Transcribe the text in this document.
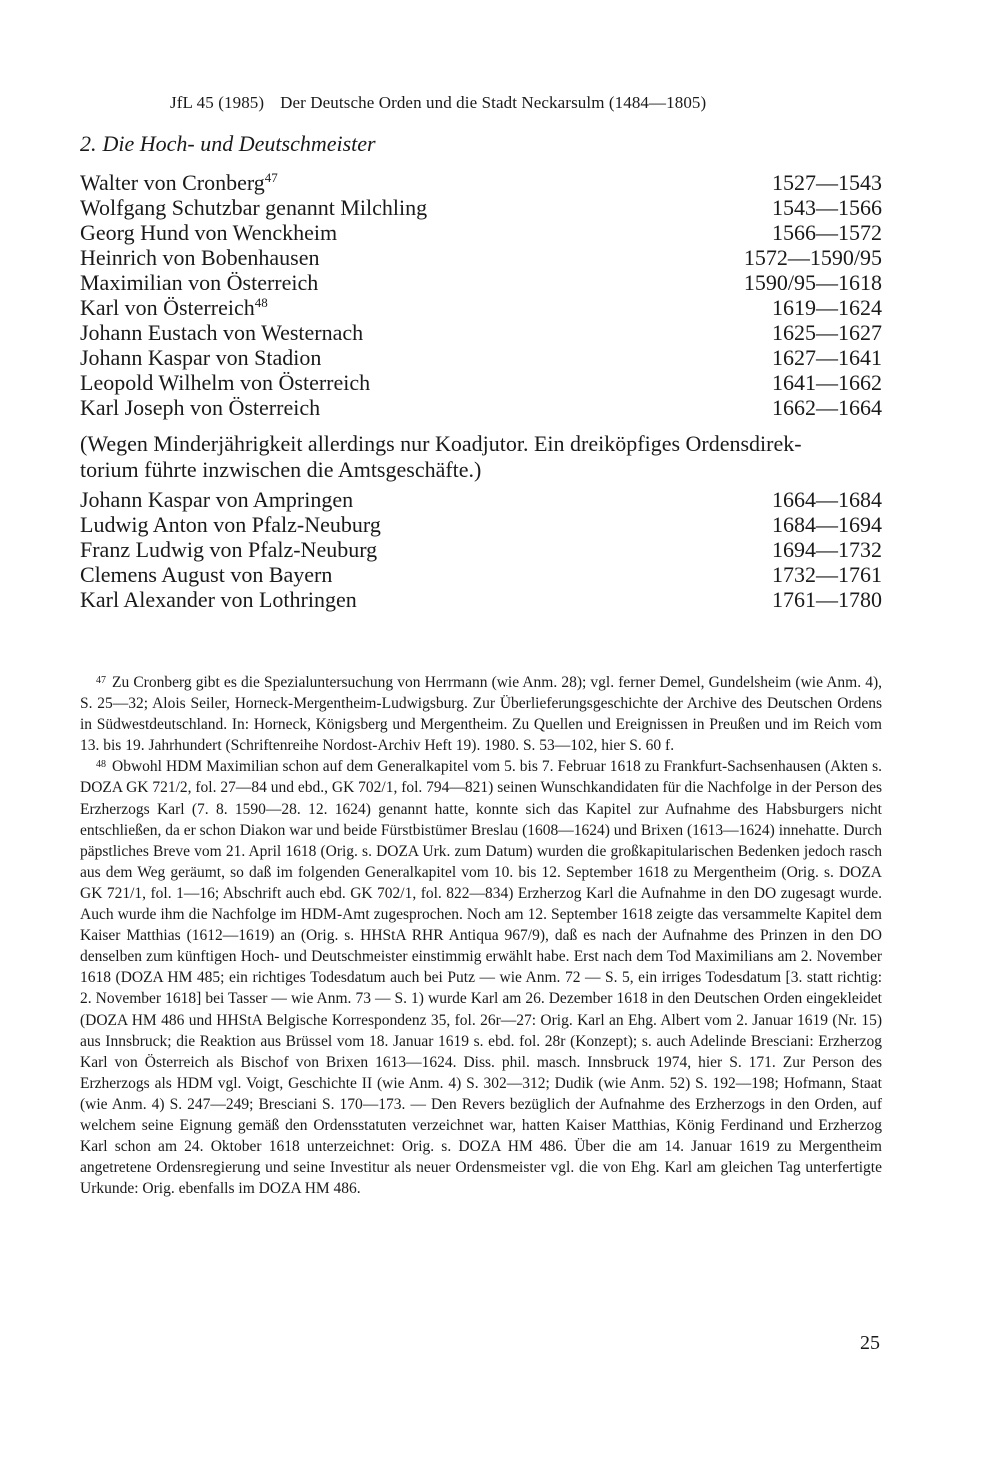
JfL 45 (1985) Der Deutsche Orden und die Stadt Neckarsulm (1484—1805)
2. Die Hoch- und Deutschmeister
Walter von Cronberg$^{47}$	1527—1543
Wolfgang Schutzbar genannt Milchling	1543—1566
Georg Hund von Wenckheim	1566—1572
Heinrich von Bobenhausen	1572—1590/95
Maximilian von Österreich	1590/95—1618
Karl von Österreich$^{48}$	1619—1624
Johann Eustach von Westernach	1625—1627
Johann Kaspar von Stadion	1627—1641
Leopold Wilhelm von Österreich	1641—1662
Karl Joseph von Österreich	1662—1664
(Wegen Minderjährigkeit allerdings nur Koadjutor. Ein dreiköpfiges Ordensdirek-
torium führte inzwischen die Amtsgeschäfte.)
Johann Kaspar von Ampringen	1664—1684
Ludwig Anton von Pfalz-Neuburg	1684—1694
Franz Ludwig von Pfalz-Neuburg	1694—1732
Clemens August von Bayern	1732—1761
Karl Alexander von Lothringen	1761—1780

$^{47}$ Zu Cronberg gibt es die Spezialuntersuchung von Herrmann (wie Anm. 28); vgl. ferner Demel, Gundelsheim (wie Anm. 4), S. 25—32; Alois Seiler, Horneck-Mergentheim-Ludwigsburg. Zur Überlieferungsgeschichte der Archive des Deutschen Ordens in Südwestdeutschland. In: Horneck, Königsberg und Mergentheim. Zu Quellen und Ereignissen in Preußen und im Reich vom 13. bis 19. Jahrhundert (Schriftenreihe Nordost-Archiv Heft 19). 1980. S. 53—102, hier S. 60 f.

$^{48}$ Obwohl HDM Maximilian schon auf dem Generalkapitel vom 5. bis 7. Februar 1618 zu Frankfurt-Sachsenhausen (Akten s. DOZA GK 721/2, fol. 27—84 und ebd., GK 702/1, fol. 794—821) seinen Wunschkandidaten für die Nachfolge in der Person des Erzherzogs Karl (7. 8. 1590—28. 12. 1624) genannt hatte, konnte sich das Kapitel zur Aufnahme des Habsburgers nicht entschließen, da er schon Diakon war und beide Fürstbistümer Breslau (1608—1624) und Brixen (1613—1624) innehatte. Durch päpstliches Breve vom 21. April 1618 (Orig. s. DOZA Urk. zum Datum) wurden die großkapitularischen Bedenken jedoch rasch aus dem Weg geräumt, so daß im folgenden Generalkapitel vom 10. bis 12. September 1618 zu Mergentheim (Orig. s. DOZA GK 721/1, fol. 1—16; Abschrift auch ebd. GK 702/1, fol. 822—834) Erzherzog Karl die Aufnahme in den DO zugesagt wurde. Auch wurde ihm die Nachfolge im HDM-Amt zugesprochen. Noch am 12. September 1618 zeigte das versammelte Kapitel dem Kaiser Matthias (1612—1619) an (Orig. s. HHStA RHR Antiqua 967/9), daß es nach der Aufnahme des Prinzen in den DO denselben zum künftigen Hoch- und Deutschmeister einstimmig erwählt habe. Erst nach dem Tod Maximilians am 2. November 1618 (DOZA HM 485; ein richtiges Todesdatum auch bei Putz — wie Anm. 72 — S. 5, ein irriges Todesdatum [3. statt richtig: 2. November 1618] bei Tasser — wie Anm. 73 — S. 1) wurde Karl am 26. Dezember 1618 in den Deutschen Orden eingekleidet (DOZA HM 486 und HHStA Belgische Korrespondenz 35, fol. 26r—27: Orig. Karl an Ehg. Albert vom 2. Januar 1619 (Nr. 15) aus Innsbruck; die Reaktion aus Brüssel vom 18. Januar 1619 s. ebd. fol. 28r (Konzept); s. auch Adelinde Bresciani: Erzherzog Karl von Österreich als Bischof von Brixen 1613—1624. Diss. phil. masch. Innsbruck 1974, hier S. 171. Zur Person des Erzherzogs als HDM vgl. Voigt, Geschichte II (wie Anm. 4) S. 302—312; Dudik (wie Anm. 52) S. 192—198; Hofmann, Staat (wie Anm. 4) S. 247—249; Bresciani S. 170—173. — Den Revers bezüglich der Aufnahme des Erzherzogs in den Orden, auf welchem seine Eignung gemäß den Ordensstatuten verzeichnet war, hatten Kaiser Matthias, König Ferdinand und Erzherzog Karl schon am 24. Oktober 1618 unterzeichnet: Orig. s. DOZA HM 486. Über die am 14. Januar 1619 zu Mergentheim angetretene Ordensregierung und seine Investitur als neuer Ordensmeister vgl. die von Ehg. Karl am gleichen Tag unterfertigte Urkunde: Orig. ebenfalls im DOZA HM 486.

25
